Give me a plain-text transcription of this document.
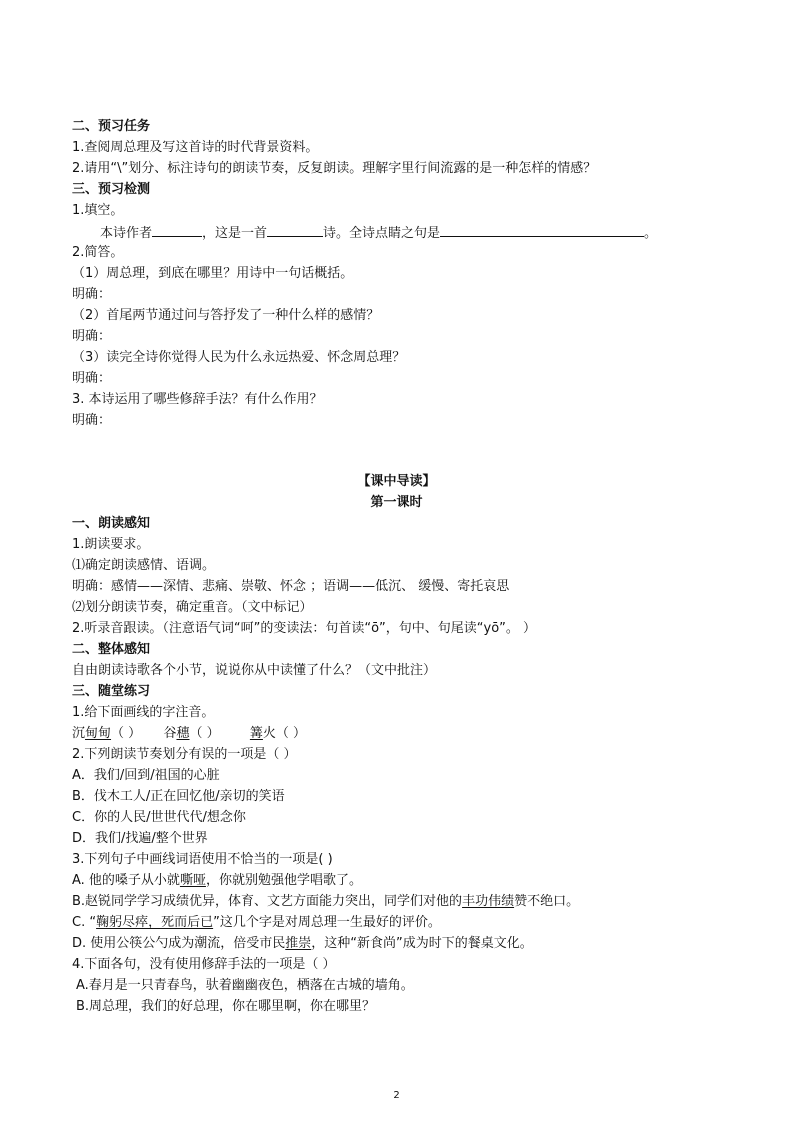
二、预习任务
1.查阅周总理及写这首诗的时代背景资料。
2.请用“\”划分、标注诗句的朗读节奏，反复朗读。理解字里行间流露的是一种怎样的情感？
三、预习检测
1.填空。
本诗作者	，这是一首	诗。全诗点睛之句是	。
2.简答。
（1）周总理，到底在哪里？用诗中一句话概括。
明确：
（2）首尾两节通过问与答抒发了一种什么样的感情？
明确：
（3）读完全诗你觉得人民为什么永远热爱、怀念周总理？
明确：
3. 本诗运用了哪些修辞手法？有什么作用？
明确：
【课中导读】
第一课时
一、朗读感知
1.朗读要求。
⑴确定朗读感情、语调。
明确：感情——深情、悲痛、崇敬、怀念 ；语调——低沉、 缓慢、寄托哀思
⑵划分朗读节奏，确定重音。（文中标记）
2.听录音跟读。（注意语气词“呵”的变读法：句首读“ō”，句中、句尾读“yō”。 ）
二、整体感知
自由朗读诗歌各个小节，说说你从中读懂了什么？（文中批注）
三、随堂练习
1.给下面画线的字注音。
沉甸甸（ ） 谷穗（ ） 篝火（ ）
2.下列朗读节奏划分有误的一项是（ ）
A．我们/回到/祖国的心脏
B．伐木工人/正在回忆他/亲切的笑语
C．你的人民/世世代代/想念你
D．我们/找遍/整个世界
3.下列句子中画线词语使用不恰当的一项是( )
A. 他的嗓子从小就嘶哑，你就别勉强他学唱歌了。
B.赵锐同学学习成绩优异，体育、文艺方面能力突出，同学们对他的丰功伟绩赞不绝口。
C. “鞠躬尽瘁，死而后已”这几个字是对周总理一生最好的评价。
D. 使用公筷公勺成为潮流，倍受市民推崇，这种“新食尚”成为时下的餐桌文化。
4.下面各句，没有使用修辞手法的一项是（ ）
A.春月是一只青春鸟，驮着幽幽夜色，栖落在古城的墙角。
B.周总理，我们的好总理，你在哪里啊，你在哪里？
2
